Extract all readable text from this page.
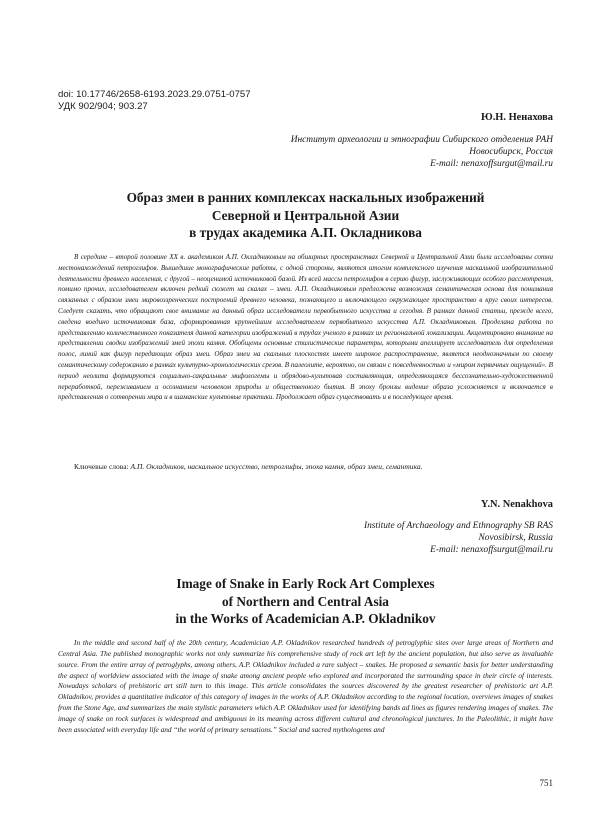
doi: 10.17746/2658-6193.2023.29.0751-0757
УДК 902/904; 903.27
Ю.Н. Ненахова
Институт археологии и этнографии Сибирского отделения РАН
Новосибирск, Россия
E-mail: nenaxoffsurgut@mail.ru
Образ змеи в ранних комплексах наскальных изображений
Северной и Центральной Азии
в трудах академика А.П. Окладникова

В середине – второй половине XX в. академиком А.П. Окладниковым на обширных пространствах Северной и Центральной Азии были исследованы сотни местонахождений петроглифов. Вышедшие монографические работы, с одной стороны, являются итогом комплексного изучения наскальной изобразительной деятельности древнего населения, с другой – неоценимой источниковой базой. Из всей массы петроглифов в серию фигур, заслуживающих особого рассмотрения, помимо прочих, исследователем включен редкий сюжет на скалах – змеи. А.П. Окладниковым предложена возможная семантическая основа для понимания связанных с образом змеи мировоззренческих построений древнего человека, познающего и включающего окружающее пространство в круг своих интересов. Следует сказать, что обращают свое внимание на данный образ исследователи первобытного искусства и сегодня. В рамках данной статьи, прежде всего, сведена воедино источниковая база, сформированная крупнейшим исследователем первобытного искусства А.П. Окладниковым. Проделана работа по представлению количественного показателя данной категории изображений в трудах ученого в рамках их региональной локализации. Акцентировано внимание на представлении сводки изображений змей эпохи камня. Обобщены основные стилистические параметры, которыми апеллирует исследователь для определения полос, линий как фигур передающих образ змеи. Образ змеи на скальных плоскостях имеет широкое распространение, является неоднозначным по своему семантическому содержанию в рамках культурно-хронологических срезов. В палеолите, вероятно, он связан с повседневностью и «миром первичных ощущений». В период неолита формируются социально-сакральные мифологемы и обрядово-культовая составляющая, определяющаяся бессознательно-художественной переработкой, переживанием и осознанием человеком природы и общественного бытия. В эпоху бронзы видение образа усложняется и включается в представления о сотворении мира и в шаманские культовые практики. Продолжает образ существовать и в последующее время.

Ключевые слова: А.П. Окладников, наскальное искусство, петроглифы, эпоха камня, образ змеи, семантика.
Y.N. Nenakhova
Institute of Archaeology and Ethnography SB RAS
Novosibirsk, Russia
E-mail: nenaxoffsurgut@mail.ru
Image of Snake in Early Rock Art Complexes
of Northern and Central Asia
in the Works of Academician A.P. Okladnikov

In the middle and second half of the 20th century, Academician A.P. Okladnikov researched hundreds of petroglyphic sites over large areas of Northern and Central Asia. The published monographic works not only summarize his comprehensive study of rock art left by the ancient population, but also serve as invaluable source. From the entire array of petroglyphs, among others, A.P. Okladnikov included a rare subject – snakes. He proposed a semantic basis for better understanding the aspect of worldview associated with the image of snake among ancient people who explored and incorporated the surrounding space in their circle of interests. Nowadays scholars of prehistoric art still turn to this image. This article consolidates the sources discovered by the greatest researcher of prehistoric art A.P. Okladnikov, provides a quantitative indicator of this category of images in the works of A.P. Okladnikov according to the regional location, overviews images of snakes from the Stone Age, and summarizes the main stylistic parameters which A.P. Okladnikov used for identifying bands ad lines as figures rendering images of snakes. The image of snake on rock surfaces is widespread and ambiguous in its meaning across different cultural and chronological junctures. In the Paleolithic, it might have been associated with everyday life and “the world of primary sensations.” Social and sacred mythologems and

751
